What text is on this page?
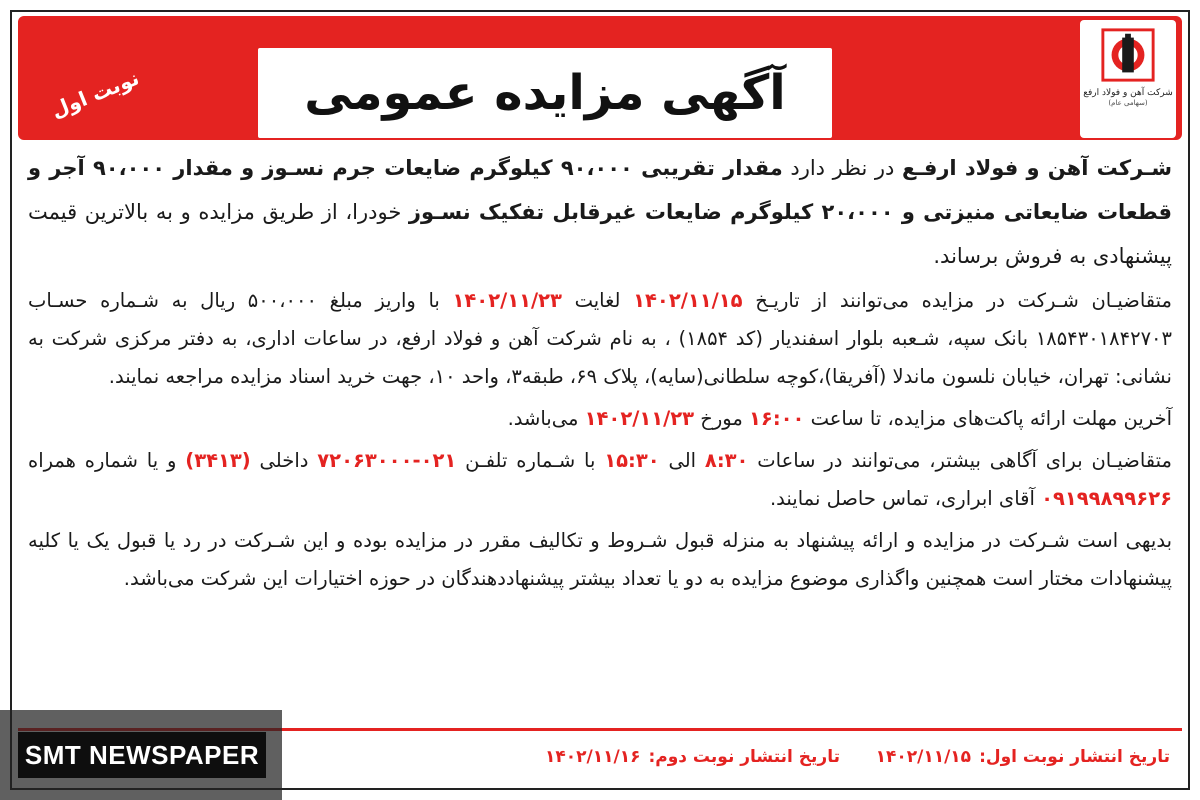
نوبت اول	آگهی مزایده عمومی	شرکت آهن و فولاد ارفع
(سهامی عام)
شـرکت آهن و فولاد ارفـع در نظر دارد مقدار تقریبی ۹۰،۰۰۰ کیلوگرم ضایعات جرم نسـوز و مقدار ۹۰،۰۰۰ آجر و قطعات ضایعاتی منیزتی و ۲۰،۰۰۰ کیلوگرم ضایعات غیرقابل تفکیک نسـوز خودرا، از طریق مزایده و به بالاترین قیمت پیشنهادی به فروش برساند.
متقاضیـان شـرکت در مزایده می‌توانند از تاریـخ ۱۴۰۲/۱۱/۱۵ لغایت ۱۴۰۲/۱۱/۲۳ با واریز مبلغ ۵۰۰،۰۰۰ ریال به شـماره حسـاب ۱۸۵۴۳۰۱۸۴۲۷۰۳ بانک سپه، شـعبه بلوار اسفندیار (کد ۱۸۵۴) ، به نام شرکت آهن و فولاد ارفع، در ساعات اداری، به دفتر مرکزی شرکت به نشانی: تهران، خیابان نلسون ماندلا (آفریقا)،کوچه سلطانی(سایه)، پلاک ۶۹، طبقه۳، واحد ۱۰، جهت خرید اسناد مزایده مراجعه نمایند.
آخرین مهلت ارائه پاکت‌های مزایده، تا ساعت ۱۶:۰۰ مورخ ۱۴۰۲/۱۱/۲۳ می‌باشد.
متقاضیـان برای آگاهی بیشتر، می‌توانند در ساعات ۸:۳۰ الی ۱۵:۳۰ با شـماره تلفـن ۰۲۱-۷۲۰۶۳۰۰۰ داخلی (۳۴۱۳) و یا شماره همراه ۰۹۱۹۹۸۹۹۶۲۶ آقای ابراری، تماس حاصل نمایند.
بدیهی است شـرکت در مزایده و ارائه پیشنهاد به منزله قبول شـروط و تکالیف مقرر در مزایده بوده و این شـرکت در رد یا قبول یک یا کلیه پیشنهادات مختار است همچنین واگذاری موضوع مزایده به دو یا تعداد بیشتر پیشنهاددهندگان در حوزه اختیارات این شرکت می‌باشد.
تاریخ انتشار نوبت اول:
۱۴۰۲/۱۱/۱۵
تاریخ انتشار نوبت دوم:
۱۴۰۲/۱۱/۱۶
SMT NEWSPAPER
